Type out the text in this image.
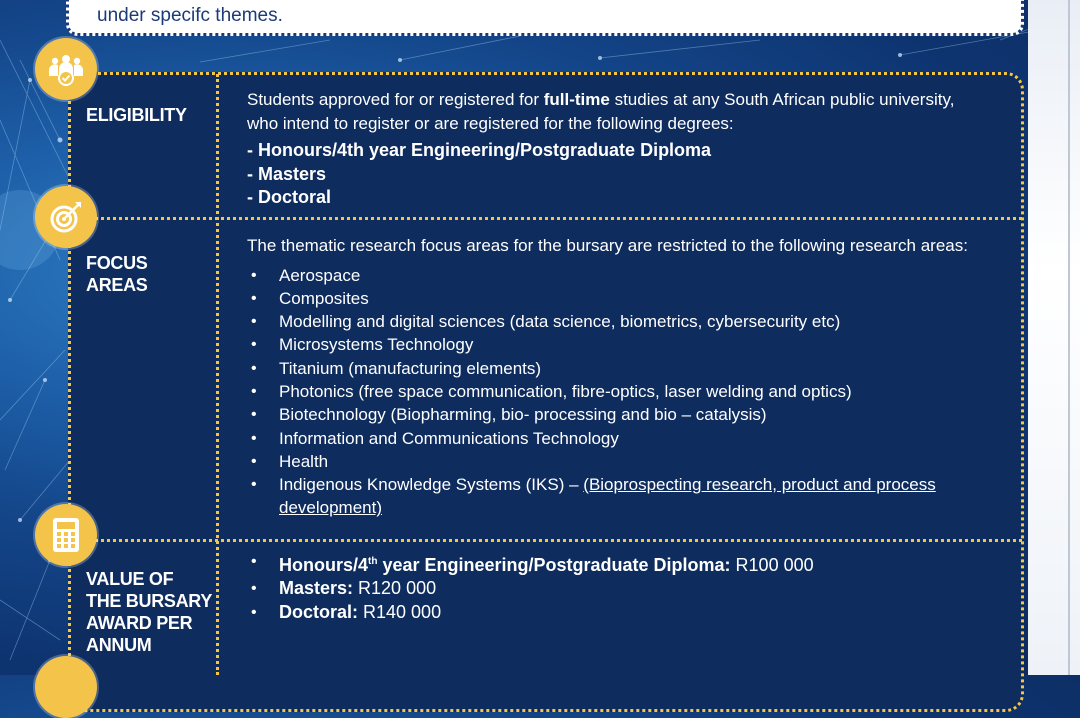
under specifc themes.
ELIGIBILITY

Students approved for or registered for full-time studies at any South African public university,

who intend to register or are registered for the following degrees:

- Honours/4th year Engineering/Postgraduate Diploma

- Masters

- Doctoral

FOCUS
AREAS

The thematic research focus areas for the bursary are restricted to the following research areas:

• Aerospace
• Composites
• Modelling and digital sciences (data science, biometrics, cybersecurity etc)
• Microsystems Technology
• Titanium (manufacturing elements)
• Photonics (free space communication, fibre-optics, laser welding and optics)
• Biotechnology (Biopharming, bio- processing and bio – catalysis)
• Information and Communications Technology
• Health
• Indigenous Knowledge Systems (IKS) – (Bioprospecting research, product and process
development)
VALUE OF
THE BURSARY
AWARD PER
ANNUM
• Honours/4th year Engineering/Postgraduate Diploma: R100 000
• Masters: R120 000
• Doctoral: R140 000
